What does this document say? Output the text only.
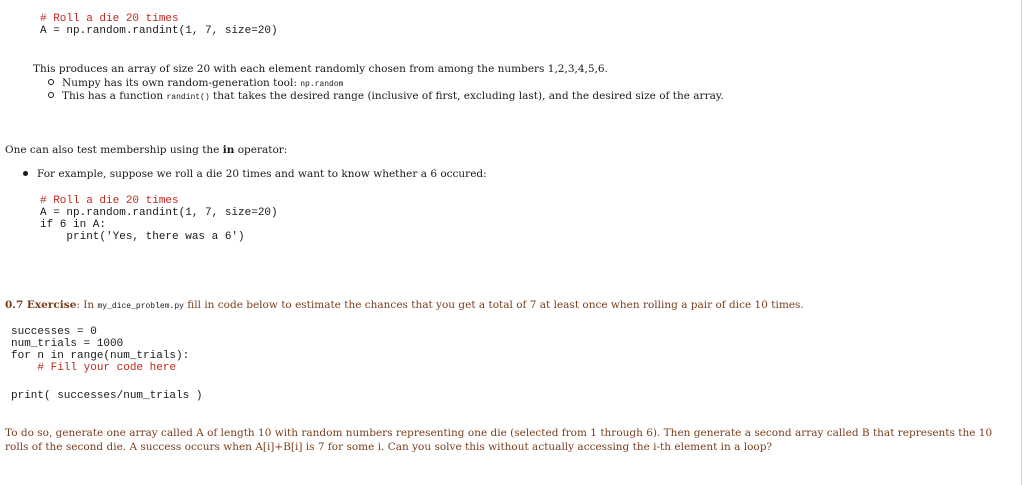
# Roll a die 20 times
A = np.random.randint(1, 7, size=20)
This produces an array of size 20 with each element randomly chosen from among the numbers 1,2,3,4,5,6.
Numpy has its own random-generation tool: np.random
This has a function randint() that takes the desired range (inclusive of first, excluding last), and the desired size of the array.
One can also test membership using the in operator:
For example, suppose we roll a die 20 times and want to know whether a 6 occured:
# Roll a die 20 times
A = np.random.randint(1, 7, size=20)
if 6 in A:
print('Yes, there was a 6')
0.7 Exercise: In my_dice_problem.py fill in code below to estimate the chances that you get a total of 7 at least once when rolling a pair of dice 10 times.
successes = 0
num_trials = 1000
for n in range(num_trials):
# Fill your code here
print( successes/num_trials )
To do so, generate one array called A of length 10 with random numbers representing one die (selected from 1 through 6). Then generate a second array called B that represents the 10 rolls of the second die. A success occurs when A[i]+B[i] is 7 for some i. Can you solve this without actually accessing the i-th element in a loop?
